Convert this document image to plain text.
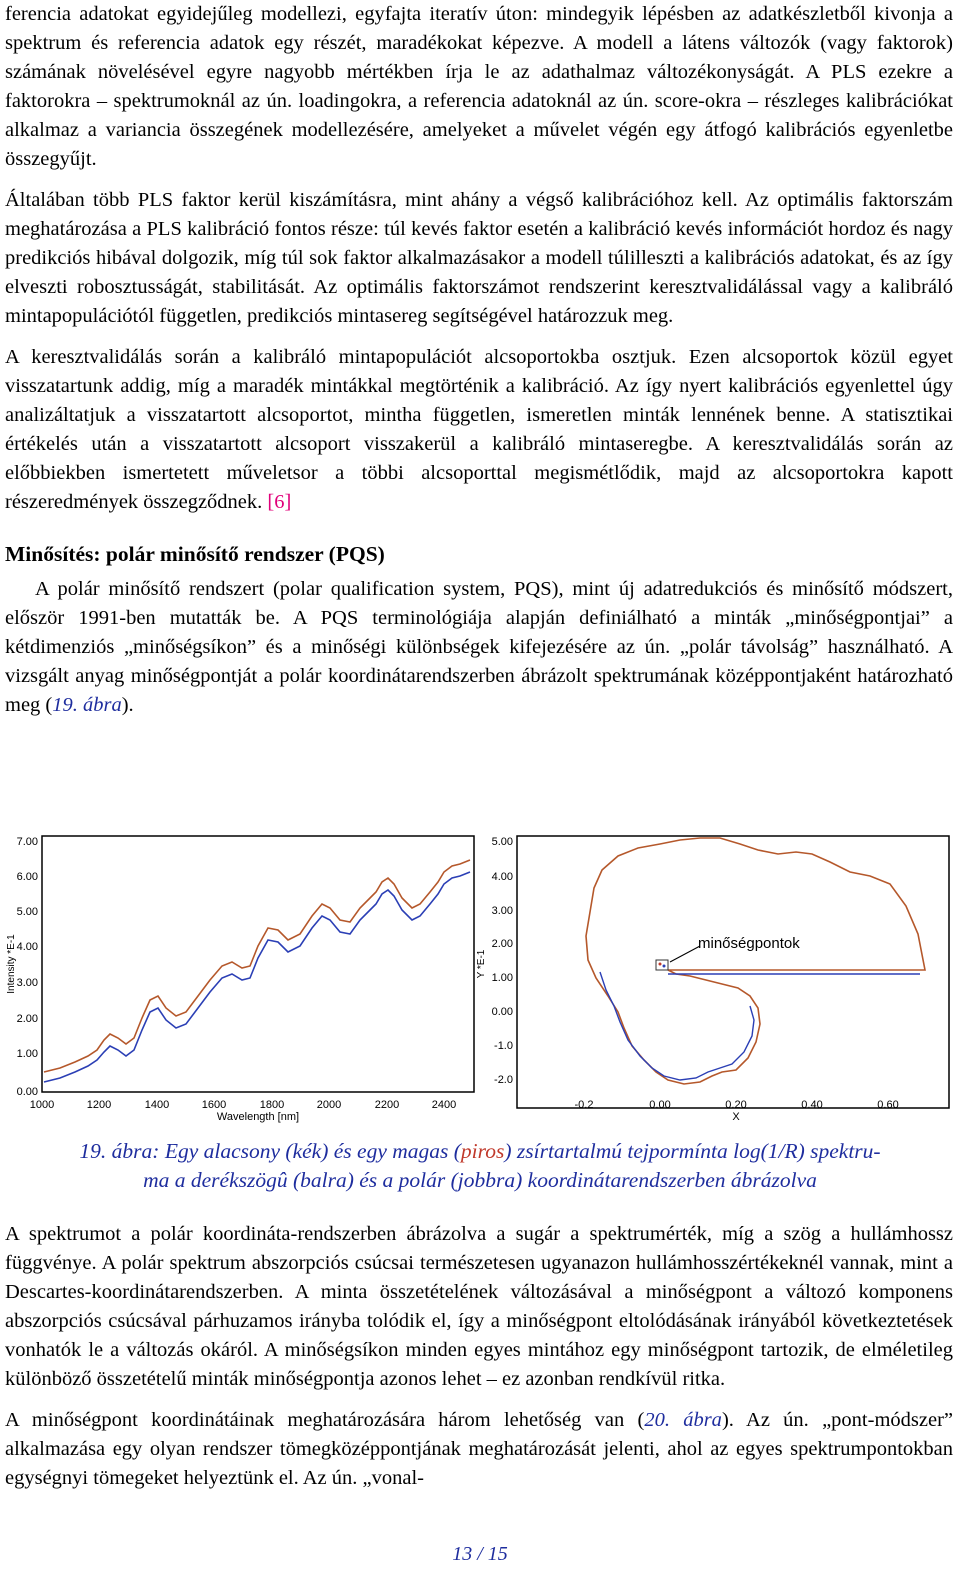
ferencia adatokat egyidejűleg modellezi, egyfajta iteratív úton: mindegyik lépésben az adatkészletből kivonja a spektrum és referencia adatok egy részét, maradékokat képezve. A modell a látens változók (vagy faktorok) számának növelésével egyre nagyobb mértékben írja le az adathalmaz változékonyságát. A PLS ezekre a faktorokra – spektrumoknál az ún. loadingokra, a referencia adatoknál az ún. score-okra – részleges kalibrációkat alkalmaz a variancia összegének modellezésére, amelyeket a művelet végén egy átfogó kalibrációs egyenletbe összegyűjt.

Általában több PLS faktor kerül kiszámításra, mint ahány a végső kalibrációhoz kell. Az optimális faktorszám meghatározása a PLS kalibráció fontos része: túl kevés faktor esetén a kalibráció kevés információt hordoz és nagy predikciós hibával dolgozik, míg túl sok faktor alkalmazásakor a modell túlilleszti a kalibrációs adatokat, és az így elveszti robosztusságát, stabilitását. Az optimális faktorszámot rendszerint keresztvalidálással vagy a kalibráló mintapopulációtól független, predikciós mintasereg segítségével határozzuk meg.

A keresztvalidálás során a kalibráló mintapopulációt alcsoportokba osztjuk. Ezen alcsoportok közül egyet visszatartunk addig, míg a maradék mintákkal megtörténik a kalibráció. Az így nyert kalibrációs egyenlettel úgy analizáltatjuk a visszatartott alcsoportot, mintha független, ismeretlen minták lennének benne. A statisztikai értékelés után a visszatartott alcsoport visszakerül a kalibráló mintaseregbe. A keresztvalidálás során az előbbiekben ismertetett műveletsor a többi alcsoporttal megismétlődik, majd az alcsoportokra kapott részeredmények összegződnek. [6]

Minősítés: polár minősítő rendszer (PQS)

A polár minősítő rendszert (polar qualification system, PQS), mint új adatredukciós és minősítő módszert, először 1991-ben mutatták be. A PQS terminológiája alapján definiálható a minták „minőségpontjai” a kétdimenziós „minőségsíkon” és a minőségi különbségek kifejezésére az ún. „polár távolság” használható. A vizsgált anyag minőségpontját a polár koordinátarendszerben ábrázolt spektrumának középpontjaként határozható meg (19. ábra).

Intensity *E-1
7.00
6.00
5.00
4.00
3.00
2.00
1.00
0.00
1000	1200	1400	1600	1800	2000	2200	2400
Wavelength [nm]
Y *E-1
5.00
4.00
3.00
2.00
1.00
0.00
-1.0
-2.0
-0.2	0.00	0.20	0.40	0.60
X
minőségpontok
19. ábra: Egy alacsony (kék) és egy magas (piros) zsírtartalmú tejpormínta log(1/R) spektru-
ma a derékszögû (balra) és a polár (jobbra) koordinátarendszerben ábrázolva

A spektrumot a polár koordináta-rendszerben ábrázolva a sugár a spektrumérték, míg a szög a hullámhossz függvénye. A polár spektrum abszorpciós csúcsai természetesen ugyanazon hullámhosszértékeknél vannak, mint a Descartes-koordinátarendszerben. A minta összetételének változásával a minőségpont a változó komponens abszorpciós csúcsával párhuzamos irányba tolódik el, így a minőségpont eltolódásának irányából következtetések vonhatók le a változás okáról. A minőségsíkon minden egyes mintához egy minőségpont tartozik, de elméletileg különböző összetételű minták minőségpontja azonos lehet – ez azonban rendkívül ritka.

A minőségpont koordinátáinak meghatározására három lehetőség van (20. ábra). Az ún. „pont-módszer” alkalmazása egy olyan rendszer tömegközéppontjának meghatározását jelenti, ahol az egyes spektrumpontokban egységnyi tömegeket helyeztünk el. Az ún. „vonal-

13 / 15
